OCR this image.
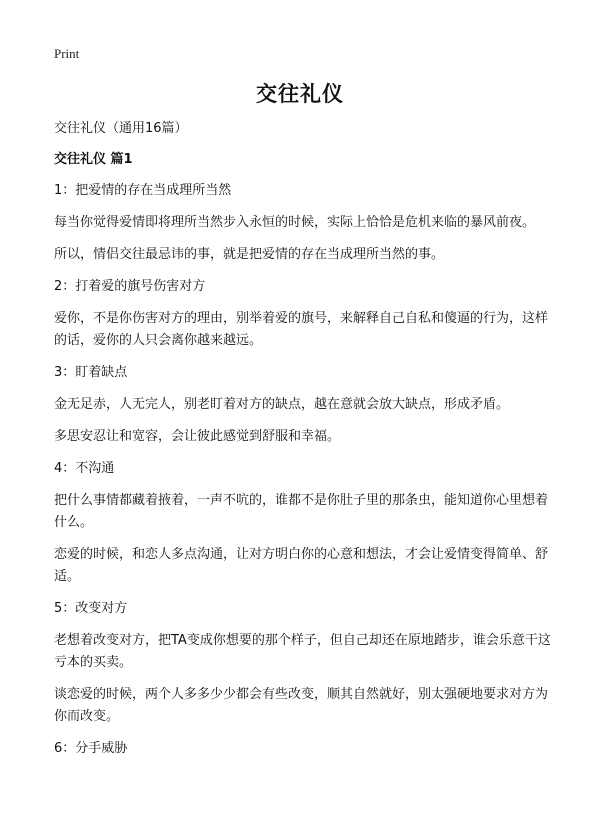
Print
交往礼仪

交往礼仪（通用16篇）

交往礼仪 篇1

1：把爱情的存在当成理所当然

每当你觉得爱情即将理所当然步入永恒的时候，实际上恰恰是危机来临的暴风前夜。

所以，情侣交往最忌讳的事，就是把爱情的存在当成理所当然的事。

2：打着爱的旗号伤害对方

爱你，不是你伤害对方的理由，别举着爱的旗号，来解释自己自私和傻逼的行为，这样的话，爱你的人只会离你越来越远。

3：盯着缺点

金无足赤，人无完人，别老盯着对方的缺点，越在意就会放大缺点，形成矛盾。

多思安忍让和宽容，会让彼此感觉到舒服和幸福。

4：不沟通

把什么事情都藏着掖着，一声不吭的，谁都不是你肚子里的那条虫，能知道你心里想着什么。

恋爱的时候，和恋人多点沟通，让对方明白你的心意和想法，才会让爱情变得简单、舒适。

5：改变对方

老想着改变对方，把TA变成你想要的那个样子，但自己却还在原地踏步，谁会乐意干这亏本的买卖。

谈恋爱的时候，两个人多多少少都会有些改变，顺其自然就好，别太强硬地要求对方为你而改变。

6：分手威胁
